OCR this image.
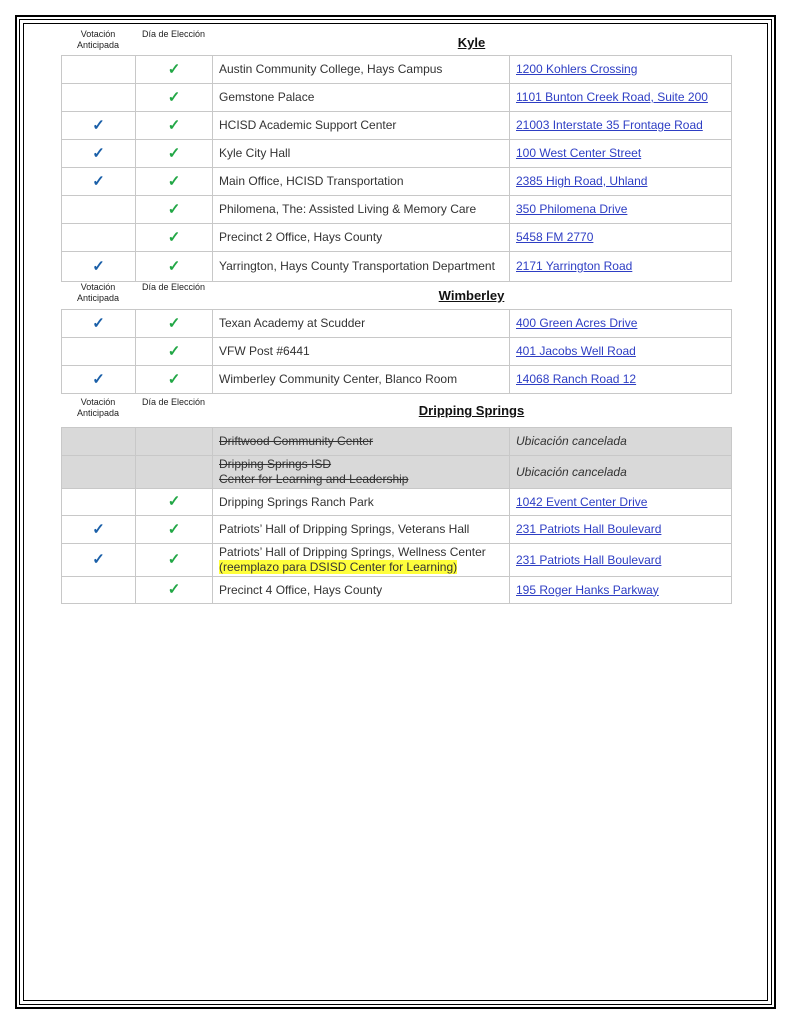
Votación Anticipada
Día de Elección
Kyle
	✓	Austin Community College, Hays Campus	1200 Kohlers Crossing
	✓	Gemstone Palace	1101 Bunton Creek Road, Suite 200
✓	✓	HCISD Academic Support Center	21003 Interstate 35 Frontage Road
✓	✓	Kyle City Hall	100 West Center Street
✓	✓	Main Office, HCISD Transportation	2385 High Road, Uhland
	✓	Philomena, The: Assisted Living & Memory Care	350 Philomena Drive
	✓	Precinct 2 Office, Hays County	5458 FM 2770
✓	✓	Yarrington, Hays County Transportation Department	2171 Yarrington Road
Votación Anticipada
Día de Elección
Wimberley
✓	✓	Texan Academy at Scudder	400 Green Acres Drive
	✓	VFW Post #6441	401 Jacobs Well Road
✓	✓	Wimberley Community Center, Blanco Room	14068 Ranch Road 12
Votación Anticipada
Día de Elección
Dripping Springs

		Driftwood Community Center	Ubicación cancelada

		Dripping Springs ISD
Center for Learning and Leadership	Ubicación cancelada
	✓	Dripping Springs Ranch Park	1042 Event Center Drive
✓	✓	Patriots’ Hall of Dripping Springs, Veterans Hall	231 Patriots Hall Boulevard
✓	✓	Patriots’ Hall of Dripping Springs, Wellness Center
(reemplazo para DSISD Center for Learning)	231 Patriots Hall Boulevard
	✓	Precinct 4 Office, Hays County	195 Roger Hanks Parkway
